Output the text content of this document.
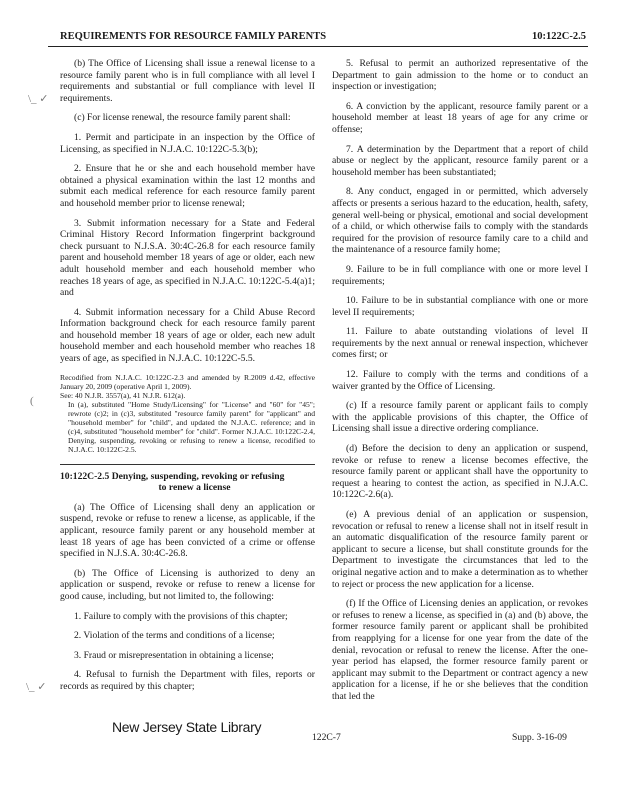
REQUIREMENTS FOR RESOURCE FAMILY PARENTS	10:122C-2.5
\_ ✓
(
\_ ✓

(b) The Office of Licensing shall issue a renewal license to a resource family parent who is in full compliance with all level I requirements and substantial or full compliance with level II requirements.

(c) For license renewal, the resource family parent shall:

1. Permit and participate in an inspection by the Office of Licensing, as specified in N.J.A.C. 10:122C-5.3(b);

2. Ensure that he or she and each household member have obtained a physical examination within the last 12 months and submit each medical reference for each resource family parent and household member prior to license renewal;

3. Submit information necessary for a State and Federal Criminal History Record Information fingerprint background check pursuant to N.J.S.A. 30:4C-26.8 for each resource family parent and household member 18 years of age or older, each new adult household member and each household member who reaches 18 years of age, as specified in N.J.A.C. 10:122C-5.4(a)1; and

4. Submit information necessary for a Child Abuse Record Information background check for each resource family parent and household member 18 years of age or older, each new adult household member and each household member who reaches 18 years of age, as specified in N.J.A.C. 10:122C-5.5.

Recodified from N.J.A.C. 10:122C-2.3 and amended by R.2009 d.42, effective January 20, 2009 (operative April 1, 2009).
See: 40 N.J.R. 3557(a), 41 N.J.R. 612(a).
In (a), substituted "Home Study/Licensing" for "License" and "60" for "45"; rewrote (c)2; in (c)3, substituted "resource family parent" for "applicant" and "household member" for "child", and updated the N.J.A.C. reference; and in (c)4, substituted "household member" for "child". Former N.J.A.C. 10:122C-2.4, Denying, suspending, revoking or refusing to renew a license, recodified to N.J.A.C. 10:122C-2.5.
10:122C-2.5 Denying, suspending, revoking or refusing
to renew a license

(a) The Office of Licensing shall deny an application or suspend, revoke or refuse to renew a license, as applicable, if the applicant, resource family parent or any household member at least 18 years of age has been convicted of a crime or offense specified in N.J.S.A. 30:4C-26.8.

(b) The Office of Licensing is authorized to deny an application or suspend, revoke or refuse to renew a license for good cause, including, but not limited to, the following:

1. Failure to comply with the provisions of this chapter;

2. Violation of the terms and conditions of a license;

3. Fraud or misrepresentation in obtaining a license;

4. Refusal to furnish the Department with files, reports or records as required by this chapter;

5. Refusal to permit an authorized representative of the Department to gain admission to the home or to conduct an inspection or investigation;

6. A conviction by the applicant, resource family parent or a household member at least 18 years of age for any crime or offense;

7. A determination by the Department that a report of child abuse or neglect by the applicant, resource family parent or a household member has been substantiated;

8. Any conduct, engaged in or permitted, which adversely affects or presents a serious hazard to the education, health, safety, general well-being or physical, emotional and social development of a child, or which otherwise fails to comply with the standards required for the provision of resource family care to a child and the maintenance of a resource family home;

9. Failure to be in full compliance with one or more level I requirements;

10. Failure to be in substantial compliance with one or more level II requirements;

11. Failure to abate outstanding violations of level II requirements by the next annual or renewal inspection, whichever comes first; or

12. Failure to comply with the terms and conditions of a waiver granted by the Office of Licensing.

(c) If a resource family parent or applicant fails to comply with the applicable provisions of this chapter, the Office of Licensing shall issue a directive ordering compliance.

(d) Before the decision to deny an application or suspend, revoke or refuse to renew a license becomes effective, the resource family parent or applicant shall have the opportunity to request a hearing to contest the action, as specified in N.J.A.C. 10:122C-2.6(a).

(e) A previous denial of an application or suspension, revocation or refusal to renew a license shall not in itself result in an automatic disqualification of the resource family parent or applicant to secure a license, but shall constitute grounds for the Department to investigate the circumstances that led to the original negative action and to make a determination as to whether to reject or process the new application for a license.

(f) If the Office of Licensing denies an application, or revokes or refuses to renew a license, as specified in (a) and (b) above, the former resource family parent or applicant shall be prohibited from reapplying for a license for one year from the date of the denial, revocation or refusal to renew the license. After the one-year period has elapsed, the former resource family parent or applicant may submit to the Department or contract agency a new application for a license, if he or she believes that the condition that led the

New Jersey State Library
122C-7	Supp. 3-16-09
